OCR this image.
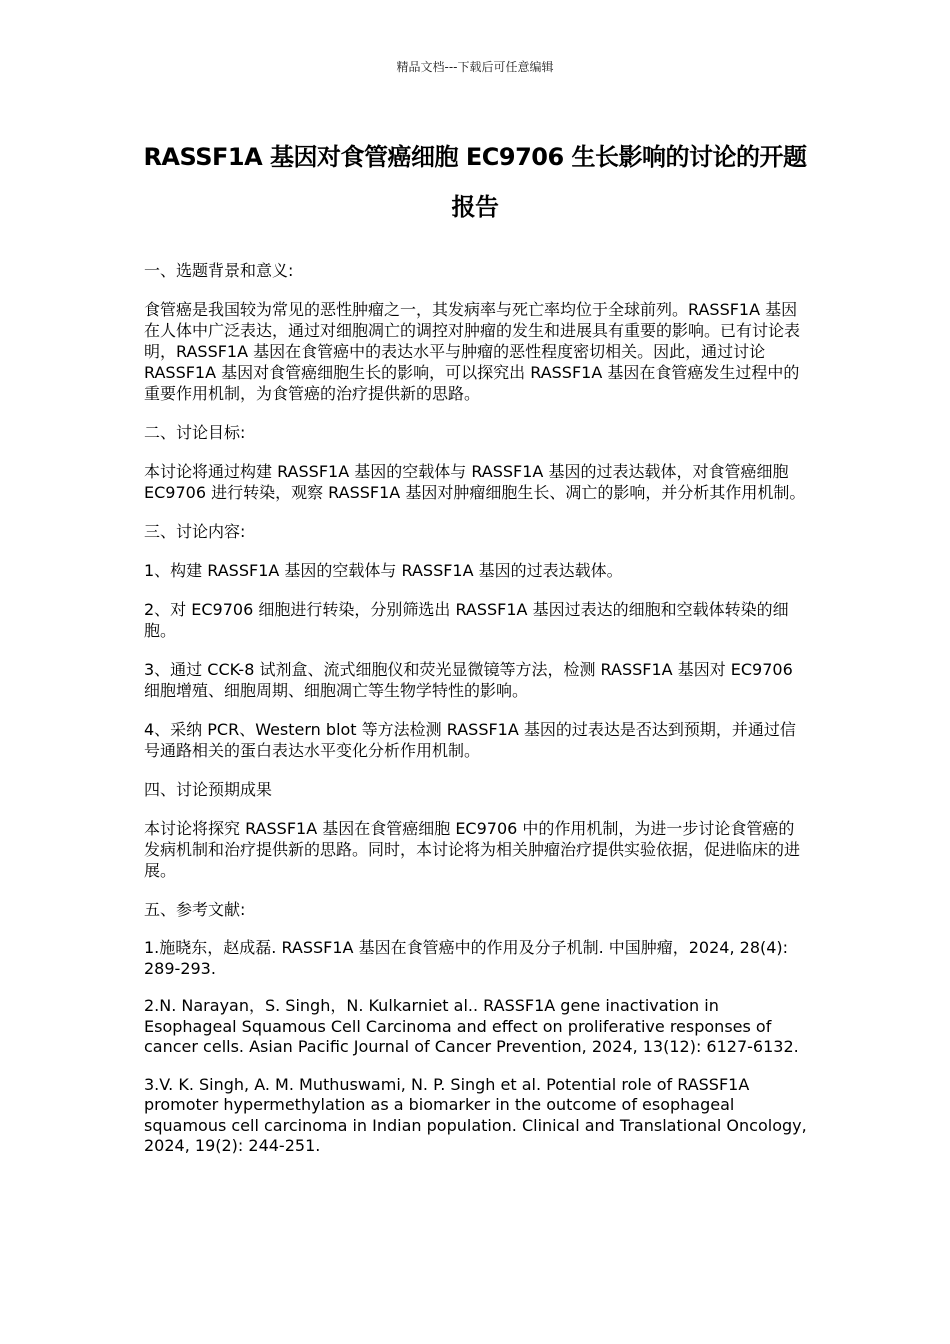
精品文档---下载后可任意编辑
RASSF1A 基因对食管癌细胞 EC9706 生长影响的讨论的开题报告

一、选题背景和意义:

食管癌是我国较为常见的恶性肿瘤之一，其发病率与死亡率均位于全球前列。RASSF1A 基因在人体中广泛表达，通过对细胞凋亡的调控对肿瘤的发生和进展具有重要的影响。已有讨论表明，RASSF1A 基因在食管癌中的表达水平与肿瘤的恶性程度密切相关。因此，通过讨论 RASSF1A 基因对食管癌细胞生长的影响，可以探究出 RASSF1A 基因在食管癌发生过程中的重要作用机制，为食管癌的治疗提供新的思路。

二、讨论目标:

本讨论将通过构建 RASSF1A 基因的空载体与 RASSF1A 基因的过表达载体，对食管癌细胞 EC9706 进行转染，观察 RASSF1A 基因对肿瘤细胞生长、凋亡的影响，并分析其作用机制。

三、讨论内容:

1、构建 RASSF1A 基因的空载体与 RASSF1A 基因的过表达载体。

2、对 EC9706 细胞进行转染，分别筛选出 RASSF1A 基因过表达的细胞和空载体转染的细胞。

3、通过 CCK-8 试剂盒、流式细胞仪和荧光显微镜等方法，检测 RASSF1A 基因对 EC9706 细胞增殖、细胞周期、细胞凋亡等生物学特性的影响。

4、采纳 PCR、Western blot 等方法检测 RASSF1A 基因的过表达是否达到预期，并通过信号通路相关的蛋白表达水平变化分析作用机制。

四、讨论预期成果

本讨论将探究 RASSF1A 基因在食管癌细胞 EC9706 中的作用机制，为进一步讨论食管癌的发病机制和治疗提供新的思路。同时，本讨论将为相关肿瘤治疗提供实验依据，促进临床的进展。

五、参考文献:

1.施晓东，赵成磊. RASSF1A 基因在食管癌中的作用及分子机制. 中国肿瘤，2024, 28(4): 289-293.

2.N. Narayan，S. Singh，N. Kulkarniet al.. RASSF1A gene inactivation in Esophageal Squamous Cell Carcinoma and effect on proliferative responses of cancer cells. Asian Pacific Journal of Cancer Prevention, 2024, 13(12): 6127-6132.

3.V. K. Singh, A. M. Muthuswami, N. P. Singh et al. Potential role of RASSF1A promoter hypermethylation as a biomarker in the outcome of esophageal squamous cell carcinoma in Indian population. Clinical and Translational Oncology, 2024, 19(2): 244-251.
